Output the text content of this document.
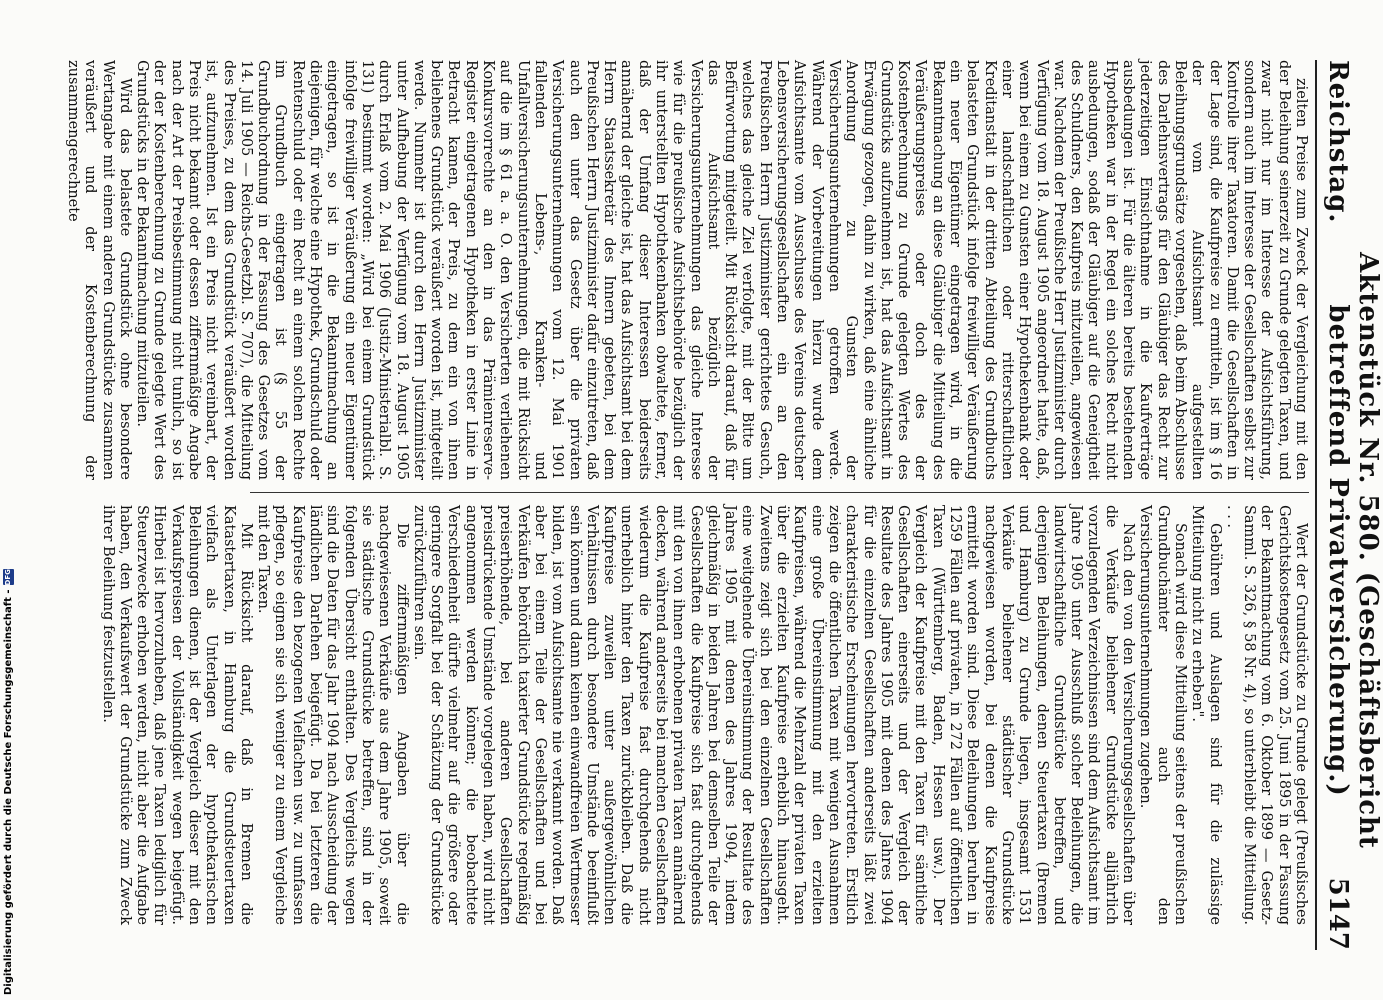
Reichstag.
Aktenstück Nr. 580. (Geschäftsbericht betreffend Privatversicherung.)
5147

zielten Preise zum Zweck der Vergleichung mit den der Beleihung seinerzeit zu Grunde gelegten Taxen, und zwar nicht nur im Interesse der Aufsichtsführung, sondern auch im Interesse der Gesellschaften selbst zur Kontrolle ihrer Taxatoren. Damit die Gesellschaften in der Lage sind, die Kaufpreise zu ermitteln, ist im § 16 der vom Aufsichtsamt aufgestellten Beleihungsgrundsätze vorgesehen, daß beim Abschlusse des Darlehnsvertrags für den Gläubiger das Recht zur jederzeitigen Einsichtnahme in die Kaufverträge ausbedungen ist. Für die älteren bereits bestehenden Hypotheken war in der Regel ein solches Recht nicht ausbedungen, sodaß der Gläubiger auf die Geneigtheit des Schuldners, den Kaufpreis mitzuteilen, angewiesen war. Nachdem der Preußische Herr Justizminister durch Verfügung vom 18. August 1905 angeordnet hatte, daß, wenn bei einem zu Gunsten einer Hypothekenbank oder einer landschaftlichen oder ritterschaftlichen Kreditanstalt in der dritten Abteilung des Grundbuchs belasteten Grundstück infolge freiwilliger Veräußerung ein neuer Eigentümer eingetragen wird, in die Bekanntmachung an diese Gläubiger die Mitteilung des Veräußerungspreises oder doch des der Kostenberechnung zu Grunde gelegten Wertes des Grundstücks aufzunehmen ist, hat das Aufsichtsamt in Erwägung gezogen, dahin zu wirken, daß eine ähnliche Anordnung zu Gunsten der Versicherungsunternehmungen getroffen werde. Während der Vorbereitungen hierzu wurde dem Aufsichtsamte vom Ausschusse des Vereins deutscher Lebensversicherungsgesellschaften ein an den Preußischen Herrn Justizminister gerichtetes Gesuch, welches das gleiche Ziel verfolgte, mit der Bitte um Befürwortung mitgeteilt. Mit Rücksicht darauf, daß für das Aufsichtsamt bezüglich der Versicherungsunternehmungen das gleiche Interesse wie für die preußische Aufsichtsbehörde bezüglich der ihr unterstellten Hypothekenbanken obwaltete, ferner, daß der Umfang dieser Interessen beiderseits annähernd der gleiche ist, hat das Aufsichtsamt bei dem Herrn Staatssekretär des Innern gebeten, bei dem Preußischen Herrn Justizminister dafür einzutreten, daß auch den unter das Gesetz über die privaten Versicherungsunternehmungen vom 12. Mai 1901 fallenden Lebens-, Kranken- und Unfallversicherungsunternehmungen, die mit Rücksicht auf die im § 61 a. a. O. den Versicherten verliehenen Konkursvorrechte an den in das Prämienreserve-Register eingetragenen Hypotheken in erster Linie in Betracht kamen, der Preis, zu dem ein von ihnen beliehenes Grundstück veräußert worden ist, mitgeteilt werde. Nunmehr ist durch den Herrn Justizminister unter Aufhebung der Verfügung vom 18. August 1905 durch Erlaß vom 2. Mai 1906 (Justiz-Ministerialbl. S. 131) bestimmt worden: „Wird bei einem Grundstück infolge freiwilliger Veräußerung ein neuer Eigentümer eingetragen, so ist in die Bekanntmachung an diejenigen, für welche eine Hypothek, Grundschuld oder Rentenschuld oder ein Recht an einem solchen Rechte im Grundbuch eingetragen ist (§ 55 der Grundbuchordnung in der Fassung des Gesetzes vom 14. Juli 1905 — Reichs-Gesetzbl. S. 707), die Mitteilung des Preises, zu dem das Grundstück veräußert worden ist, aufzunehmen. Ist ein Preis nicht vereinbart, der Preis nicht bekannt oder dessen ziffernmäßige Angabe nach der Art der Preisbestimmung nicht tunlich, so ist der der Kostenberechnung zu Grunde gelegte Wert des Grundstücks in der Bekanntmachung mitzuteilen.

Wird das belastete Grundstück ohne besondere Wertangabe mit einem anderen Grundstücke zusammen veräußert und der Kostenberechnung der zusammengerechnete

Wert der Grundstücke zu Grunde gelegt (Preußisches Gerichtskostengesetz vom 25. Juni 1895 in der Fassung der Bekanntmachung vom 6. Oktober 1899 — Gesetz-Samml. S. 326, § 58 Nr. 4), so unterbleibt die Mitteilung. . . .

Gebühren und Auslagen sind für die zulässige Mitteilung nicht zu erheben".

Sonach wird diese Mitteilung seitens der preußischen Grundbuchämter auch den Versicherungsunternehmungen zugehen.

Nach den von den Versicherungsgesellschaften über die Verkäufe beliehener Grundstücke alljährlich vorzulegenden Verzeichnissen sind dem Aufsichtsamt im Jahre 1905 unter Ausschluß solcher Beleihungen, die landwirtschaftliche Grundstücke betreffen, und derjenigen Beleihungen, denen Steuertaxen (Bremen und Hamburg) zu Grunde liegen, insgesamt 1531 Verkäufe beliehener städtischer Grundstücke nachgewiesen worden, bei denen die Kaufpreise ermittelt worden sind. Diese Beleihungen beruhen in 1259 Fällen auf privaten, in 272 Fällen auf öffentlichen Taxen (Württemberg, Baden, Hessen usw.). Der Vergleich der Kaufpreise mit den Taxen für sämtliche Gesellschaften einerseits und der Vergleich der Resultate des Jahres 1905 mit denen des Jahres 1904 für die einzelnen Gesellschaften anderseits läßt zwei charakteristische Erscheinungen hervortreten. Erstlich zeigen die öffentlichen Taxen mit wenigen Ausnahmen eine große Übereinstimmung mit den erzielten Kaufpreisen, während die Mehrzahl der privaten Taxen über die erzielten Kaufpreise erheblich hinausgeht. Zweitens zeigt sich bei den einzelnen Gesellschaften eine weitgehende Übereinstimmung der Resultate des Jahres 1905 mit denen des Jahres 1904, indem gleichmäßig in beiden Jahren bei demselben Teile der Gesellschaften die Kaufpreise sich fast durchgehends mit den von ihnen erhobenen privaten Taxen annähernd decken, während anderseits bei manchen Gesellschaften wiederum die Kaufpreise fast durchgehends nicht unerheblich hinter den Taxen zurückbleiben. Daß die Kaufpreise zuweilen unter außergewöhnlichen Verhältnissen durch besondere Umstände beeinflußt sein können und dann keinen einwandfreien Wertmesser bilden, ist vom Aufsichtsamte nie verkannt worden. Daß aber bei einem Teile der Gesellschaften und bei Verkäufen behördlich taxierter Grundstücke regelmäßig preiserhöhende, bei anderen Gesellschaften preisdrückende Umstände vorgelegen haben, wird nicht angenommen werden können; die beobachtete Verschiedenheit dürfte vielmehr auf die größere oder geringere Sorgfalt bei der Schätzung der Grundstücke zurückzuführen sein.

Die ziffernmäßigen Angaben über die nachgewiesenen Verkäufe aus dem Jahre 1905, soweit sie städtische Grundstücke betreffen, sind in der folgenden Übersicht enthalten. Des Vergleichs wegen sind die Daten für das Jahr 1904 nach Ausscheidung der ländlichen Darlehen beigefügt. Da bei letzteren die Kaufpreise den bezogenen Vielfachen usw. zu umfassen pflegen, so eignen sie sich weniger zu einem Vergleiche mit den Taxen.

Mit Rücksicht darauf, daß in Bremen die Katastertaxen, in Hamburg die Grundsteuertaxen vielfach als Unterlagen der hypothekarischen Beleihungen dienen, ist der Vergleich dieser mit den Verkaufspreisen der Vollständigkeit wegen beigefügt. Hierbei ist hervorzuheben, daß jene Taxen lediglich für Steuerzwecke erhoben werden, nicht aber die Aufgabe haben, den Verkaufswert der Grundstücke zum Zweck ihrer Beleihung festzustellen.

Digitalisierung gefördert durch die Deutsche Forschungsgemeinschaft -
DFG
